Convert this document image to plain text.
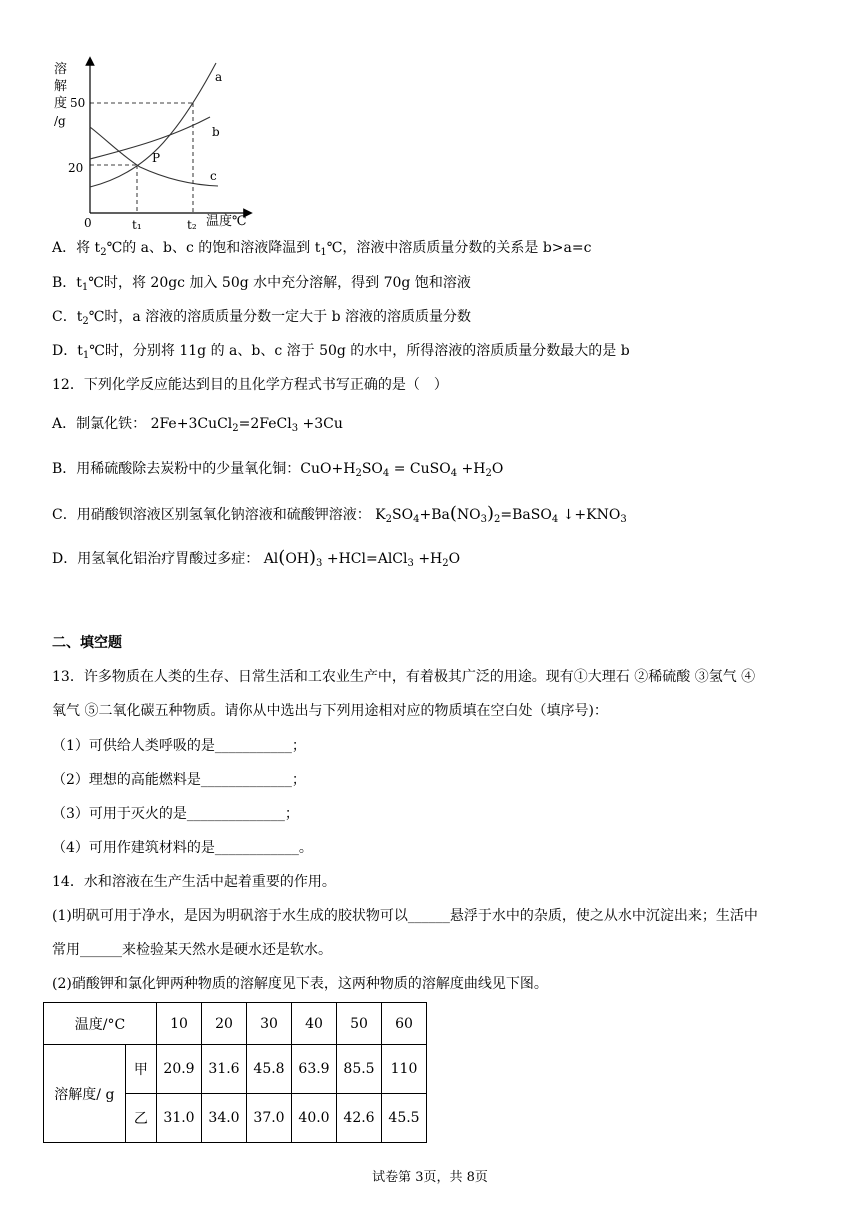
溶
解
度
/g
50
20
0	t₁	t₂ 温度℃
a
b
c
P
A．将 $t_2℃$的 a、b、c 的饱和溶液降温到 $t_1℃$，溶液中溶质质量分数的关系是 b>a=c
B．$t_1℃$时，将 20gc 加入 50g 水中充分溶解，得到 70g 饱和溶液
C．$t_2℃$时，a 溶液的溶质质量分数一定大于 b 溶液的溶质质量分数
D．$t_1℃$时，分别将 11g 的 a、b、c 溶于 50g 的水中，所得溶液的溶质质量分数最大的是 b
12．下列化学反应能达到目的且化学方程式书写正确的是（　）
A．制氯化铁： 2Fe+3CuCl$_2$=2FeCl$_3$ +3Cu
B．用稀硫酸除去炭粉中的少量氧化铜：$CuO+H_2SO_4$ = CuSO$_4$ $+H_2O$
C．用硝酸钡溶液区别氢氧化钠溶液和硫酸钾溶液： $K_2SO_4+Ba(NO_3)_2=BaSO_4$ $↓+KNO_3$
D．用氢氧化铝治疗胃酸过多症： $Al(OH)_3$ +HCl=AlCl$_3$ $+H_2O$
二、填空题
13．许多物质在人类的生存、日常生活和工农业生产中，有着极其广泛的用途。现有①大理石 ②稀硫酸 ③氢气 ④
氧气 ⑤二氧化碳五种物质。请你从中选出与下列用途相对应的物质填在空白处（填序号)：
（1）可供给人类呼吸的是___________；
（2）理想的高能燃料是_____________；
（3）可用于灭火的是______________；
（4）可用作建筑材料的是____________。
14．水和溶液在生产生活中起着重要的作用。
(1)明矾可用于净水，是因为明矾溶于水生成的胶状物可以______悬浮于水中的杂质，使之从水中沉淀出来；生活中
常用______来检验某天然水是硬水还是软水。
(2)硝酸钾和氯化钾两种物质的溶解度见下表，这两种物质的溶解度曲线见下图。
温度/°C		10	20	30	40	50	60
溶解度/ g	甲	20.9	31.6	45.8	63.9	85.5	110
	乙	31.0	34.0	37.0	40.0	42.6	45.5
试卷第 3页，共 8页
